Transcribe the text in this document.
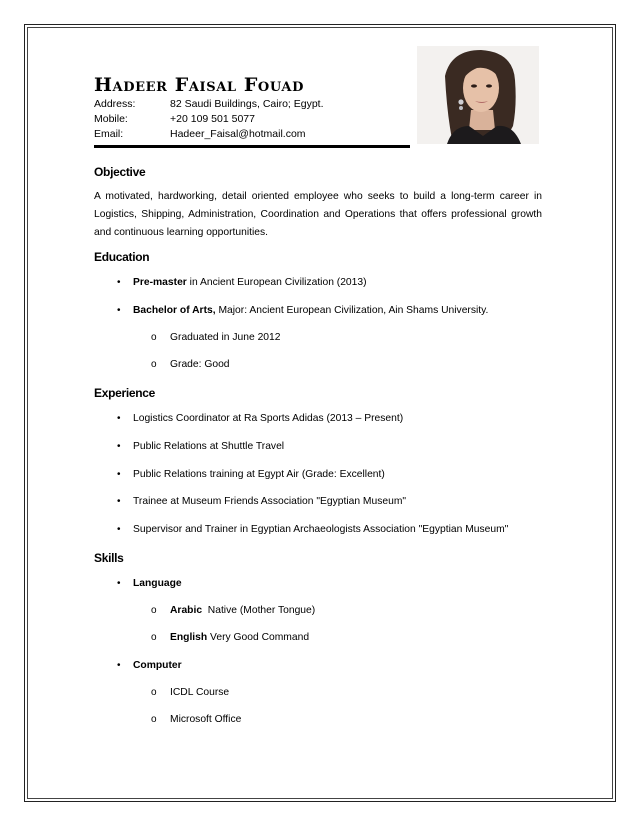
Hadeer Faisal Fouad
Address:	82 Saudi Buildings, Cairo; Egypt.
Mobile:	+20 109 501 5077
Email:	Hadeer_Faisal@hotmail.com
Objective

A motivated, hardworking, detail oriented employee who seeks to build a long-term career in Logistics, Shipping, Administration, Coordination and Operations that offers professional growth and continuous learning opportunities.

Education
• Pre-master in Ancient European Civilization (2013)
• Bachelor of Arts, Major: Ancient European Civilization, Ain Shams University.
o Graduated in June 2012
o Grade: Good
Experience
• Logistics Coordinator at Ra Sports Adidas (2013 – Present)
• Public Relations at Shuttle Travel
• Public Relations training at Egypt Air (Grade: Excellent)
• Trainee at Museum Friends Association "Egyptian Museum"
• Supervisor and Trainer in Egyptian Archaeologists Association "Egyptian Museum"
Skills
• Language
o Arabic  Native (Mother Tongue)
o English Very Good Command
• Computer
o ICDL Course
o Microsoft Office
